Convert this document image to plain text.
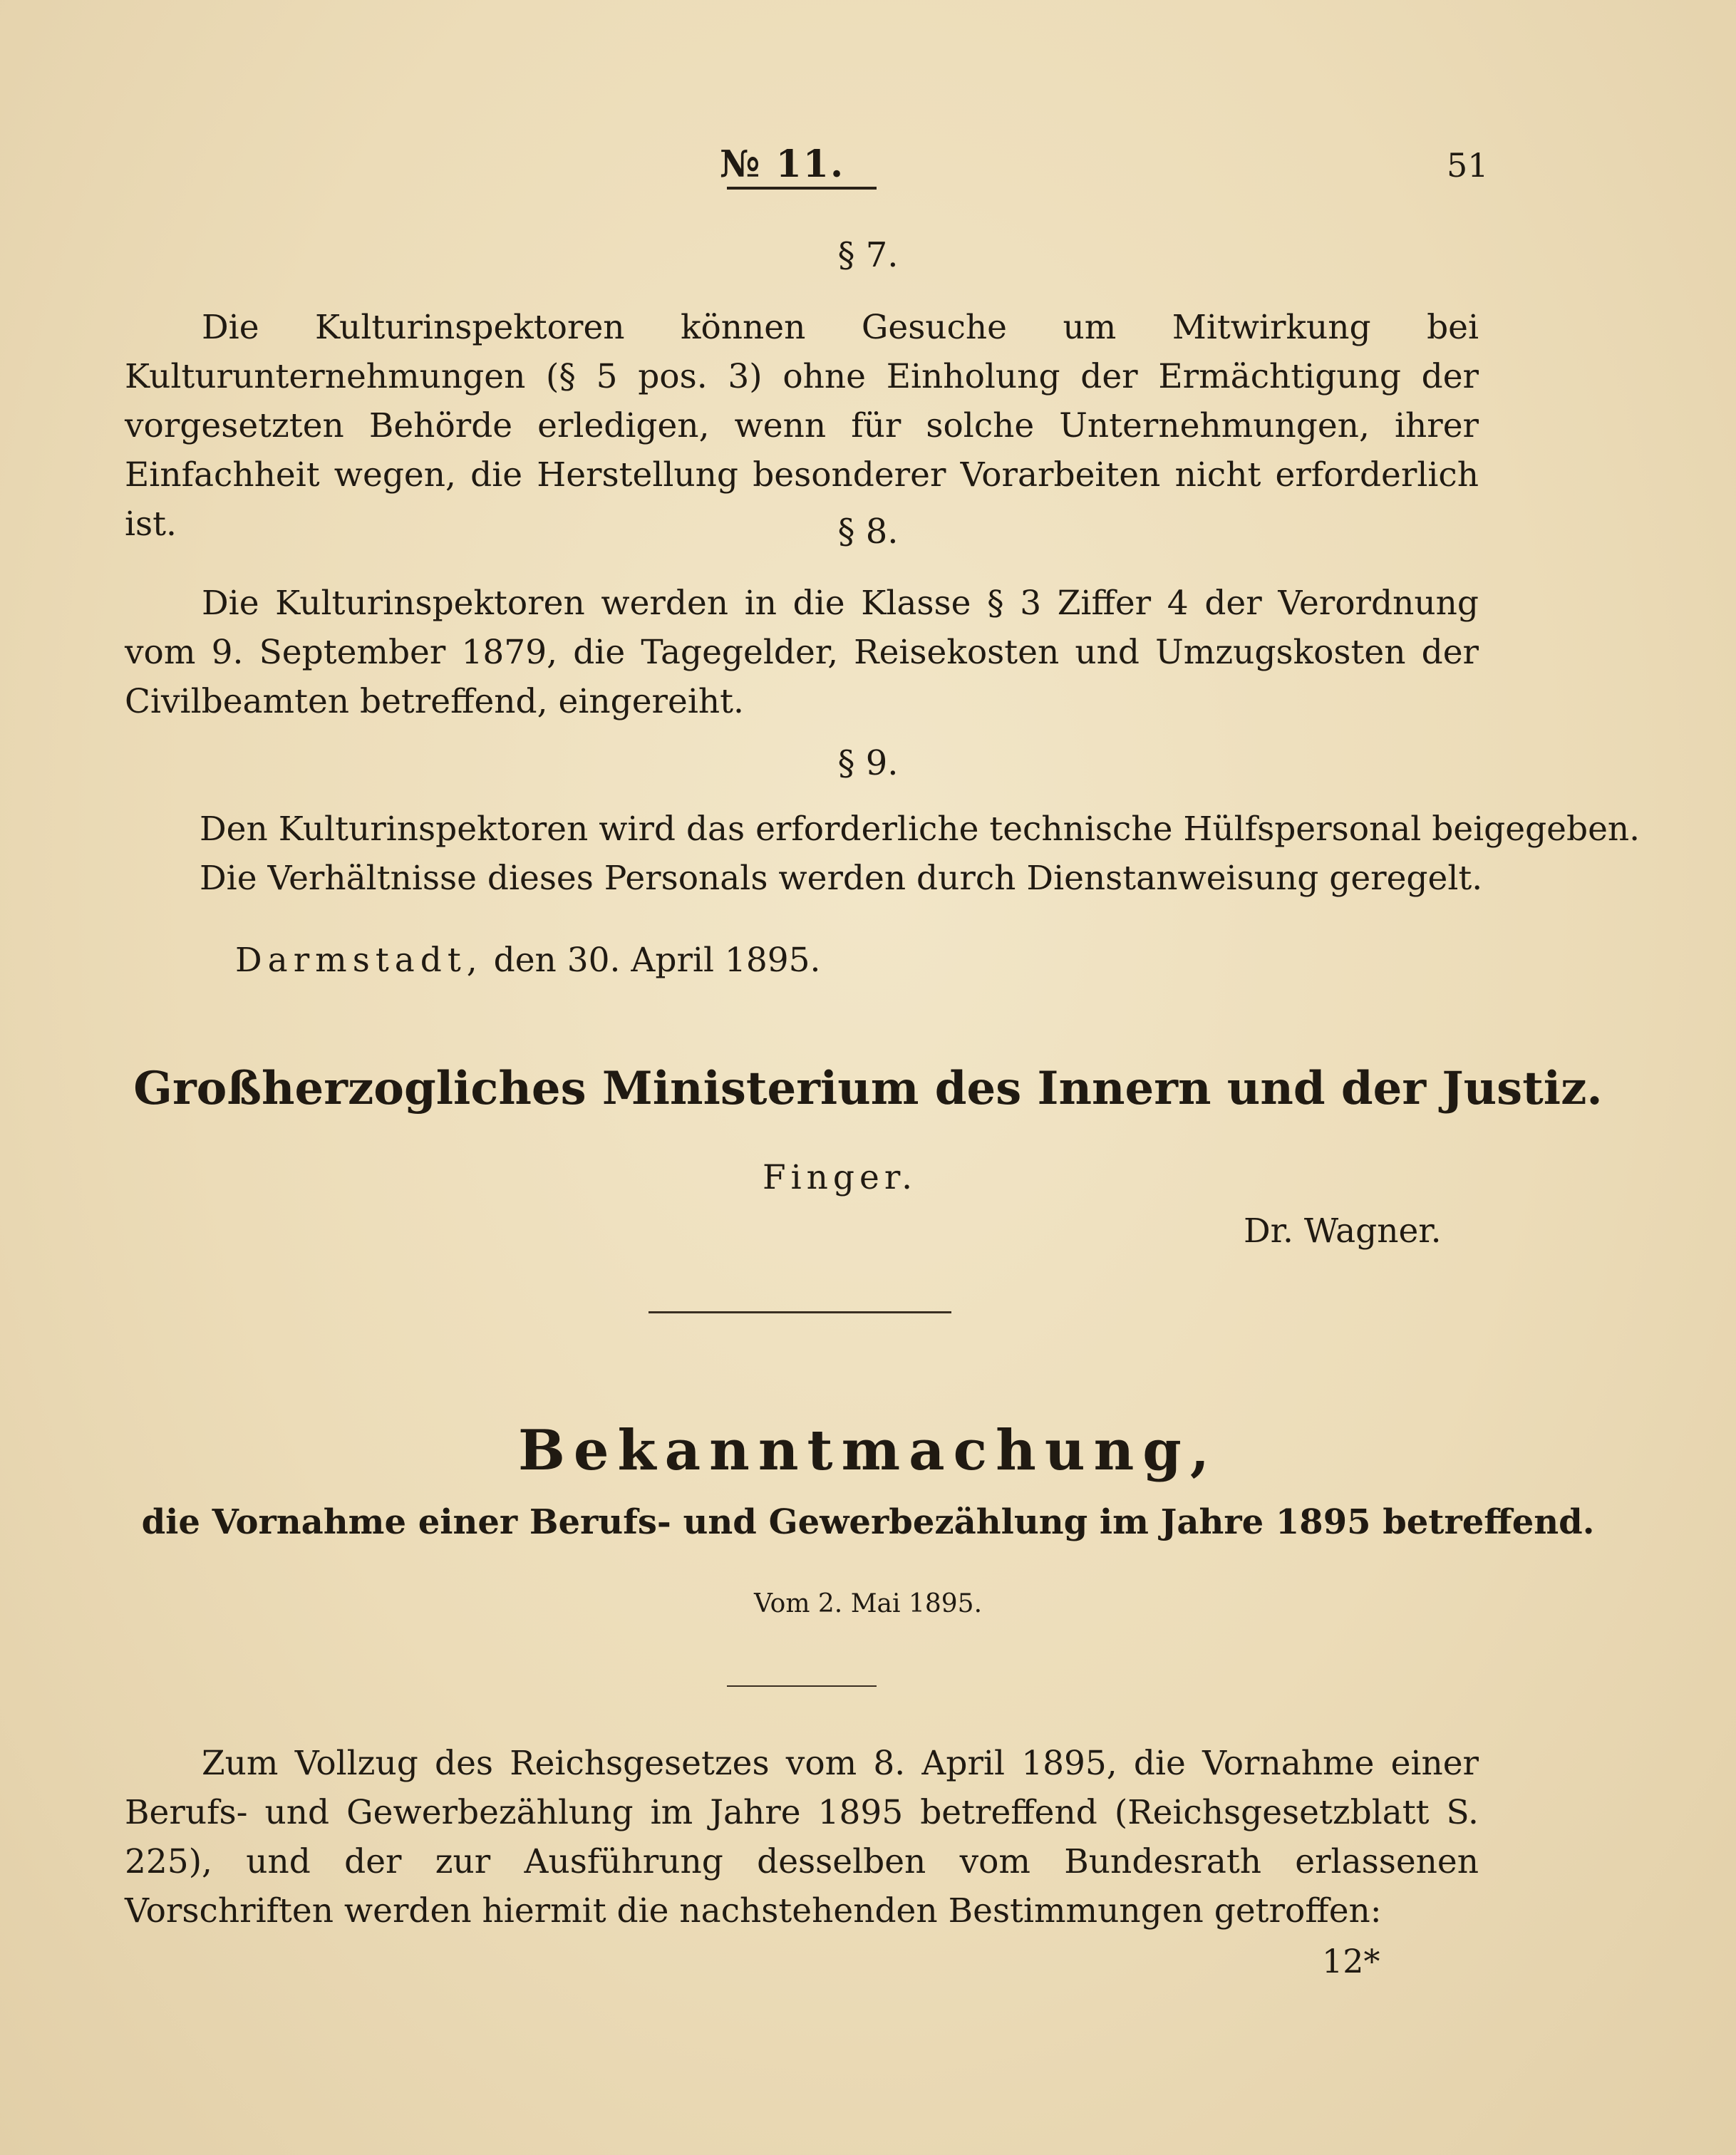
№ 11.	51
§ 7.

Die Kulturinspektoren können Gesuche um Mitwirkung bei Kulturunternehmungen (§ 5 pos. 3) ohne Einholung der Ermächtigung der vorgesetzten Behörde erledigen, wenn für solche Unternehmungen, ihrer Einfachheit wegen, die Herstellung besonderer Vorarbeiten nicht erforderlich ist.	§ 8.

Die Kulturinspektoren werden in die Klasse § 3 Ziffer 4 der Verordnung vom 9. September 1879, die Tagegelder, Reisekosten und Umzugskosten der Civilbeamten betreffend, eingereiht.

§ 9.
Den Kulturinspektoren wird das erforderliche technische Hülfspersonal beigegeben.
Die Verhältnisse dieses Personals werden durch Dienstanweisung geregelt.
Darmstadt, den 30. April 1895.
Großherzogliches Ministerium des Innern und der Justiz.
Finger.
Dr. Wagner.
Bekanntmachung,
die Vornahme einer Berufs- und Gewerbezählung im Jahre 1895 betreffend.
Vom 2. Mai 1895.

Zum Vollzug des Reichsgesetzes vom 8. April 1895, die Vornahme einer Berufs- und Gewerbezählung im Jahre 1895 betreffend (Reichsgesetzblatt S. 225), und der zur Ausführung desselben vom Bundesrath erlassenen Vorschriften werden hiermit die nachstehenden Bestimmungen getroffen:

12*
